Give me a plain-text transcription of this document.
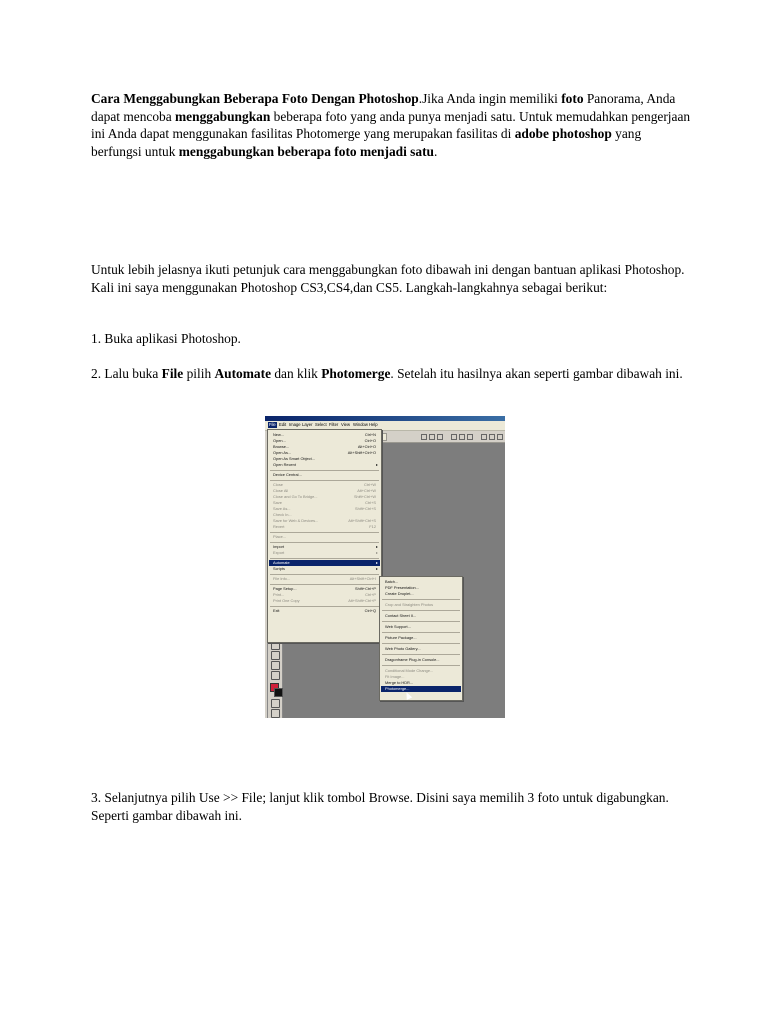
Cara Menggabungkan Beberapa Foto Dengan Photoshop.Jika Anda ingin memiliki foto Panorama, Anda dapat mencoba menggabungkan beberapa foto yang anda punya menjadi satu. Untuk memudahkan pengerjaan ini Anda dapat menggunakan fasilitas Photomerge yang merupakan fasilitas di adobe photoshop yang berfungsi untuk menggabungkan beberapa foto menjadi satu.

Untuk lebih jelasnya ikuti petunjuk cara menggabungkan foto dibawah ini dengan bantuan aplikasi Photoshop. Kali ini saya menggunakan Photoshop CS3,CS4,dan CS5. Langkah-langkahnya sebagai berikut:

1. Buka aplikasi Photoshop.

2. Lalu buka File pilih Automate dan klik Photomerge. Setelah itu hasilnya akan seperti gambar dibawah ini.

File Edit Image Layer Select Filter View Window Help
New...	Ctrl+N
Open...	Ctrl+O
Browse...	Alt+Ctrl+O
Open As...	Alt+Shift+Ctrl+O
Open As Smart Object...
Open Recent	▸
Device Central...
Close	Ctrl+W
Close All	Alt+Ctrl+W
Close and Go To Bridge...	Shift+Ctrl+W
Save	Ctrl+S
Save As...	Shift+Ctrl+S
Check In...
Save for Web & Devices...	Alt+Shift+Ctrl+S
Revert	F12
Place...
Import	▸
Export	▸
Automate	▸
Scripts	▸
File Info...	Alt+Shift+Ctrl+I
Page Setup...	Shift+Ctrl+P
Print...	Ctrl+P
Print One Copy	Alt+Shift+Ctrl+P
Exit	Ctrl+Q
Batch...
PDF Presentation...
Create Droplet...
Crop and Straighten Photos
Contact Sheet II...
Web Support...
Picture Package...
Web Photo Gallery...
Dragonframe Plug-in Console...
Conditional Mode Change...
Fit Image...
Merge to HDR...
Photomerge...

3. Selanjutnya pilih Use >> File; lanjut klik tombol Browse. Disini saya memilih 3 foto untuk digabungkan. Seperti gambar dibawah ini.
